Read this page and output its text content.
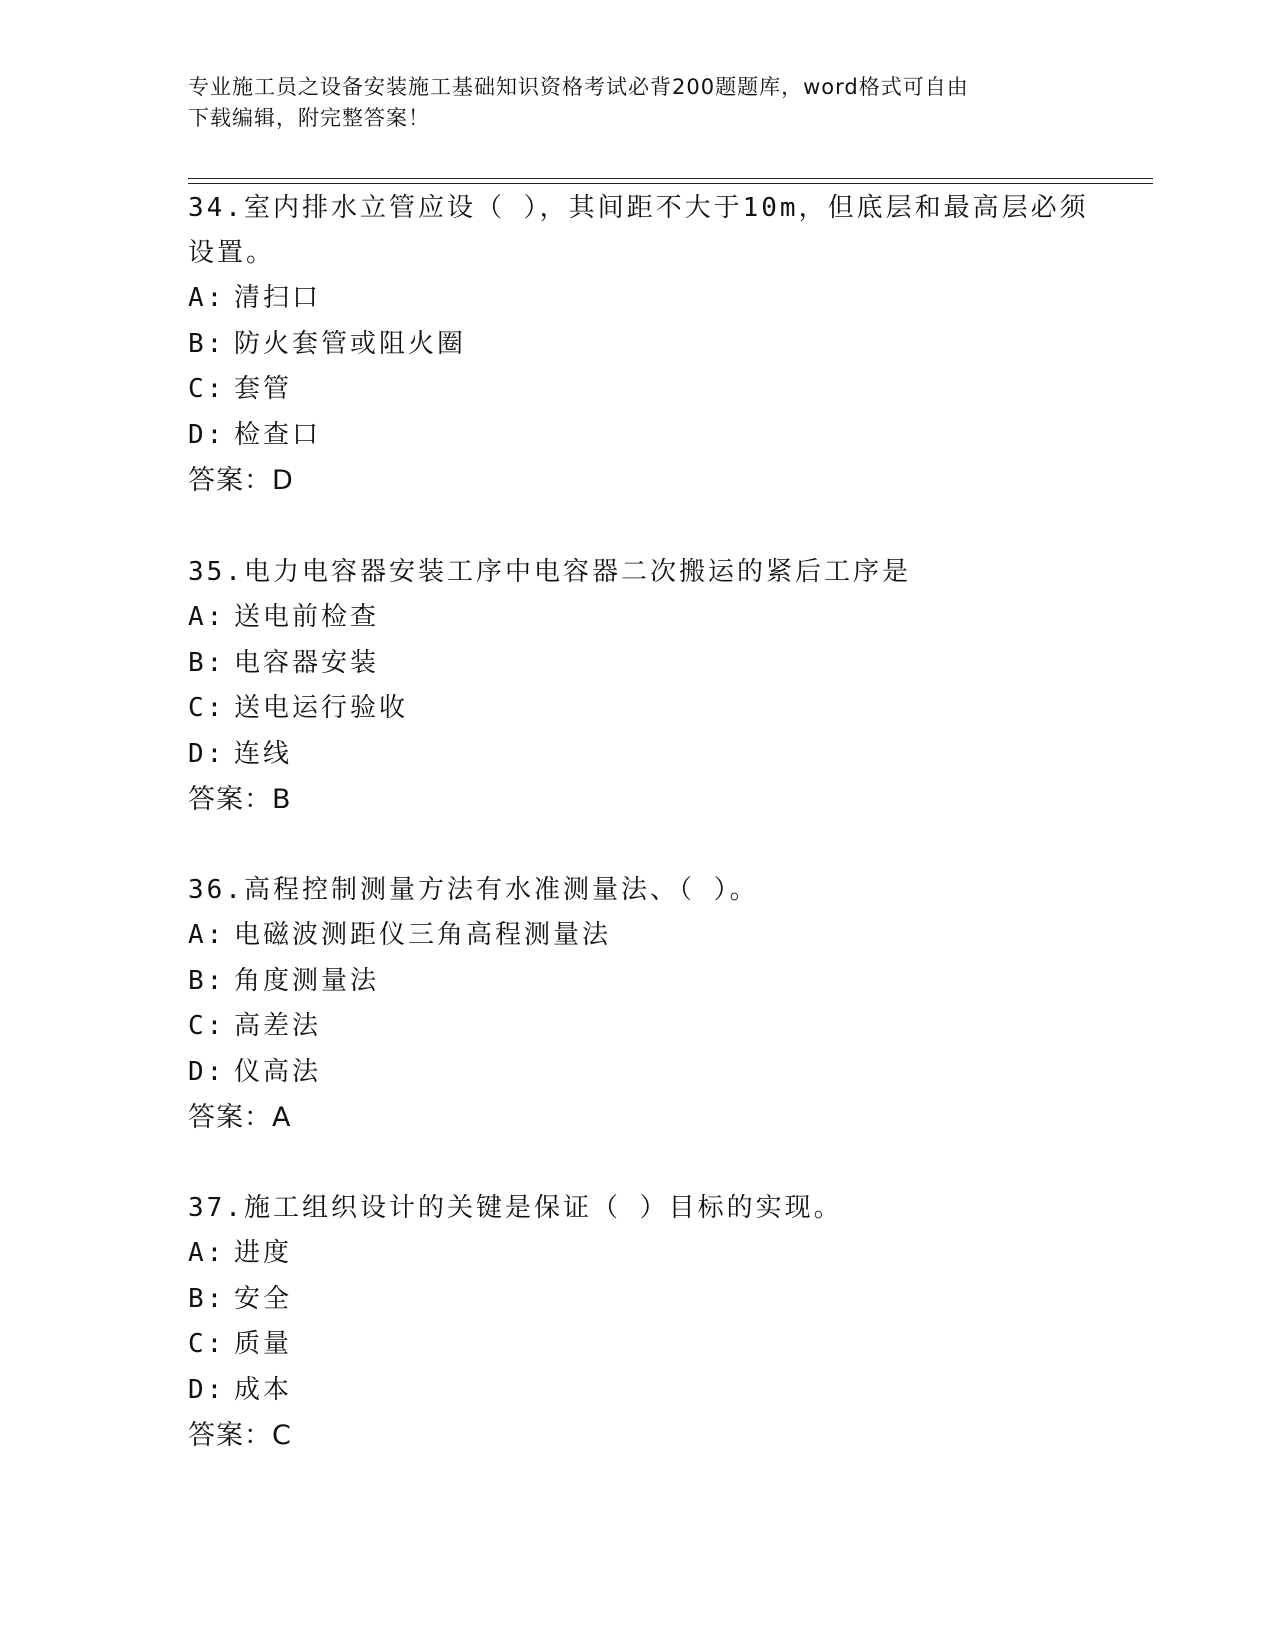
专业施工员之设备安装施工基础知识资格考试必背200题题库，word格式可自由
下载编辑，附完整答案！

34.室内排水立管应设（ ），其间距不大于10m，但底层和最高层必须

设置。

A: 清扫口

B: 防火套管或阻火圈

C: 套管

D: 检查口

答案：D

35.电力电容器安装工序中电容器二次搬运的紧后工序是

A: 送电前检查

B: 电容器安装

C: 送电运行验收

D: 连线

答案：B

36.高程控制测量方法有水准测量法、（ ）。

A: 电磁波测距仪三角高程测量法

B: 角度测量法

C: 高差法

D: 仪高法

答案：A

37.施工组织设计的关键是保证（ ）目标的实现。

A: 进度

B: 安全

C: 质量

D: 成本

答案：C
